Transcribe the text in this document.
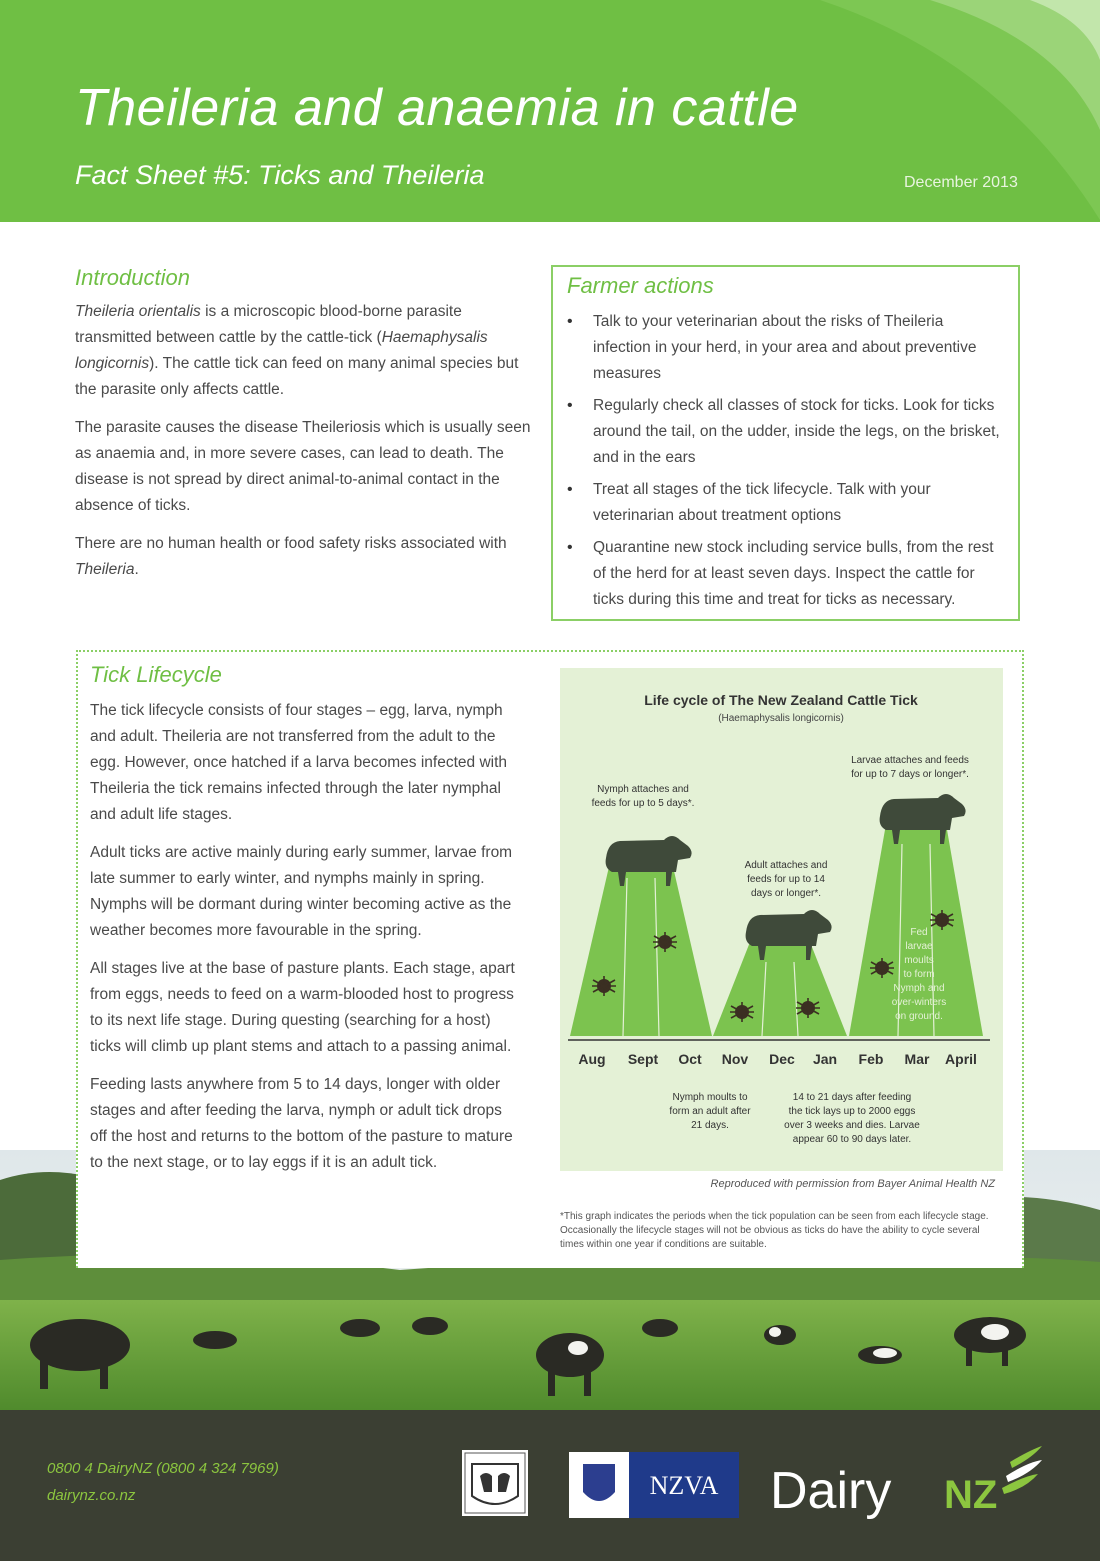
Theileria and anaemia in cattle
Fact Sheet #5: Ticks and Theileria	December 2013
Introduction

Theileria orientalis is a microscopic blood-borne parasite transmitted between cattle by the cattle-tick (Haemaphysalis longicornis). The cattle tick can feed on many animal species but the parasite only affects cattle.

The parasite causes the disease Theileriosis which is usually seen as anaemia and, in more severe cases, can lead to death. The disease is not spread by direct animal-to-animal contact in the absence of ticks.

There are no human health or food safety risks associated with Theileria.

Farmer actions
• Talk to your veterinarian about the risks of Theileria infection in your herd, in your area and about preventive measures
• Regularly check all classes of stock for ticks. Look for ticks around the tail, on the udder, inside the legs, on the brisket, and in the ears
• Treat all stages of the tick lifecycle. Talk with your veterinarian about treatment options
• Quarantine new stock including service bulls, from the rest of the herd for at least seven days. Inspect the cattle for ticks during this time and treat for ticks as necessary.
Tick Lifecycle

The tick lifecycle consists of four stages – egg, larva, nymph and adult. Theileria are not transferred from the adult to the egg. However, once hatched if a larva becomes infected with Theileria the tick remains infected through the later nymphal and adult life stages.

Adult ticks are active mainly during early summer, larvae from late summer to early winter, and nymphs mainly in spring. Nymphs will be dormant during winter becoming active as the weather becomes more favourable in the spring.

All stages live at the base of pasture plants. Each stage, apart from eggs, needs to feed on a warm-blooded host to progress to its next life stage. During questing (searching for a host) ticks will climb up plant stems and attach to a passing animal.

Feeding lasts anywhere from 5 to 14 days, longer with older stages and after feeding the larva, nymph or adult tick drops off the host and returns to the bottom of the pasture to mature to the next stage, or to lay eggs if it is an adult tick.

Life cycle of The New Zealand Cattle Tick
(Haemaphysalis longicornis)
Nymph attaches and
feeds for up to 5 days*.
Adult attaches and
feeds for up to 14
days or longer*.
Larvae attaches and feeds
for up to 7 days or longer*.
Fed
larvae
moults
to form
Nymph and
over-winters
on ground.
Aug Sept Oct Nov Dec Jan Feb Mar April
Nymph moults to
form an adult after
21 days.
14 to 21 days after feeding
the tick lays up to 2000 eggs
over 3 weeks and dies. Larvae
appear 60 to 90 days later.
Reproduced with permission from Bayer Animal Health NZ
*This graph indicates the periods when the tick population can be seen from each lifecycle stage. Occasionally the lifecycle stages will not be obvious as ticks do have the ability to cycle several times within one year if conditions are suitable.
0800 4 DairyNZ (0800 4 324 7969)
dairynz.co.nz	NZVA Dairy NZ
